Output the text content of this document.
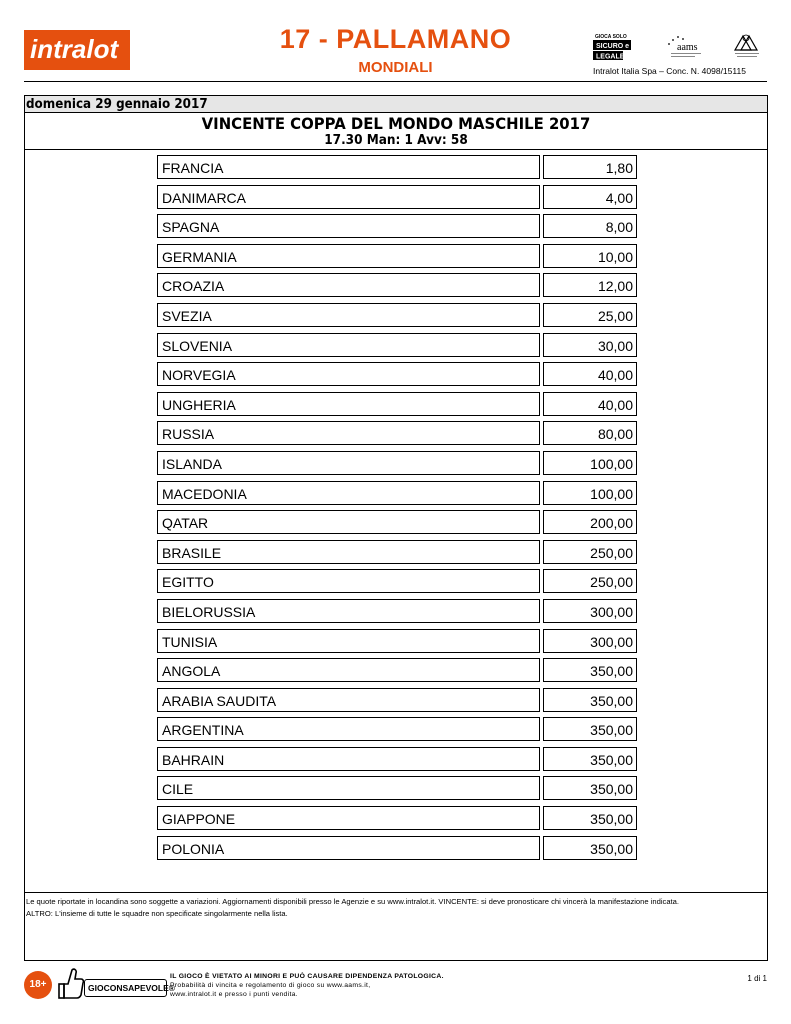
intralot	17 - PALLAMANO
MONDIALI
GIOCA SOLO
SICURO e
LEGALE
aams
Intralot Italia Spa – Conc. N. 4098/15115
domenica 29 gennaio 2017
VINCENTE COPPA DEL MONDO MASCHILE 2017
17.30 Man: 1 Avv: 58
FRANCIA	1,80
DANIMARCA	4,00
SPAGNA	8,00
GERMANIA	10,00
CROAZIA	12,00
SVEZIA	25,00
SLOVENIA	30,00
NORVEGIA	40,00
UNGHERIA	40,00
RUSSIA	80,00
ISLANDA	100,00
MACEDONIA	100,00
QATAR	200,00
BRASILE	250,00
EGITTO	250,00
BIELORUSSIA	300,00
TUNISIA	300,00
ANGOLA	350,00
ARABIA SAUDITA	350,00
ARGENTINA	350,00
BAHRAIN	350,00
CILE	350,00
GIAPPONE	350,00
POLONIA	350,00
Le quote riportate in locandina sono soggette a variazioni. Aggiornamenti disponibili presso le Agenzie e su www.intralot.it. VINCENTE: si deve pronosticare chi vincerà la manifestazione indicata.
ALTRO: L'insieme di tutte le squadre non specificate singolarmente nella lista.
18+	GIOCONSAPEVOLE®
IL GIOCO È VIETATO AI MINORI E PUÒ CAUSARE DIPENDENZA PATOLOGICA.
Probabilità di vincita e regolamento di gioco su www.aams.it,
www.intralot.it e presso i punti vendita.
1 di 1
